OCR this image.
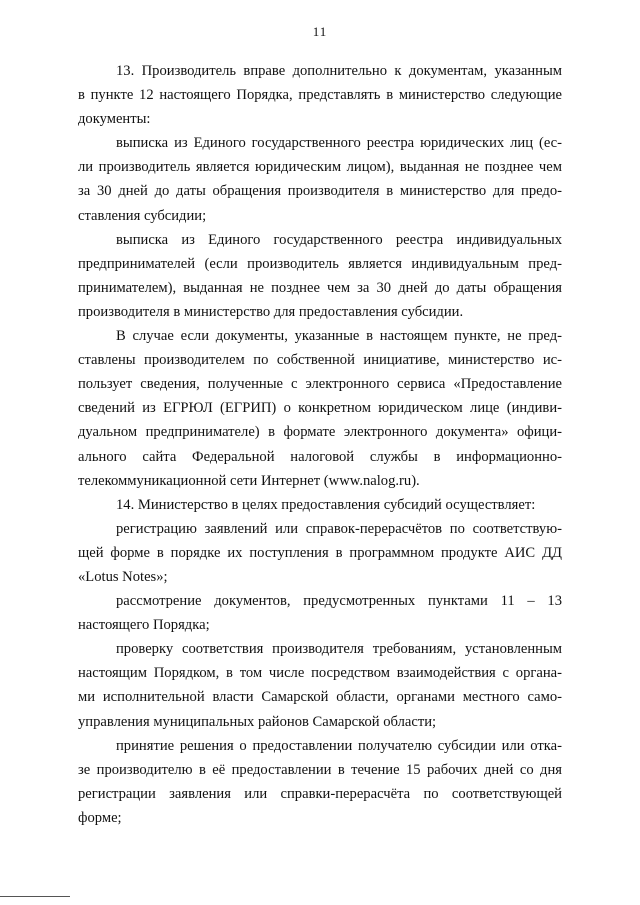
11
13. Производитель вправе дополнительно к документам, указанным
в пункте 12 настоящего Порядка, представлять в министерство следующие
документы:
выписка из Единого государственного реестра юридических лиц (ес-
ли производитель является юридическим лицом), выданная не позднее чем
за 30 дней до даты обращения производителя в министерство для предо-
ставления субсидии;
выписка из Единого государственного реестра индивидуальных
предпринимателей (если производитель является индивидуальным пред-
принимателем), выданная не позднее чем за 30 дней до даты обращения
производителя в министерство для предоставления субсидии.
В случае если документы, указанные в настоящем пункте, не пред-
ставлены производителем по собственной инициативе, министерство ис-
пользует сведения, полученные с электронного сервиса «Предоставление
сведений из ЕГРЮЛ (ЕГРИП) о конкретном юридическом лице (индиви-
дуальном предпринимателе) в формате электронного документа» офици-
ального сайта Федеральной налоговой службы в информационно-
телекоммуникационной сети Интернет (www.nalog.ru).
14. Министерство в целях предоставления субсидий осуществляет:
регистрацию заявлений или справок-перерасчётов по соответствую-
щей форме в порядке их поступления в программном продукте АИС ДД
«Lotus Notes»;
рассмотрение документов, предусмотренных пунктами 11 – 13
настоящего Порядка;
проверку соответствия производителя требованиям, установленным
настоящим Порядком, в том числе посредством взаимодействия с органа-
ми исполнительной власти Самарской области, органами местного само-
управления муниципальных районов Самарской области;
принятие решения о предоставлении получателю субсидии или отка-
зе производителю в её предоставлении в течение 15 рабочих дней со дня
регистрации заявления или справки-перерасчёта по соответствующей
форме;
